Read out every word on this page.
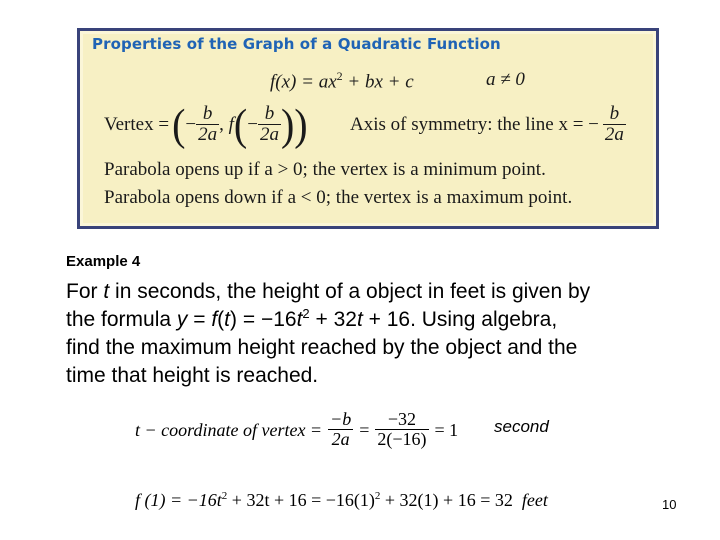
Properties of the Graph of a Quadratic Function
$f(x) = ax^2$ + bx + c	a ≠ 0
Vertex = ( − $\frac{b}{2a}$ , f ( − $\frac{b}{2a}$ )) Axis of symmetry: the line x = − $\frac{b}{2a}$
Parabola opens up if a > 0; the vertex is a minimum point.
Parabola opens down if a < 0; the vertex is a maximum point.
Example 4
For t in seconds, the height of a object in feet is given by
the formula $y = f(t) = -16t^2 + 32t + 16$. Using algebra,
find the maximum height reached by the object and the
time that height is reached.
t − coordinate of vertex = $\frac{-b}{2a} = \frac{-32}{2(-16)} = 1$ second
f $(1) = -16t^2 + 32t + 16 = -16(1)^2 + 32(1) + 16 = 32$ feet	10
